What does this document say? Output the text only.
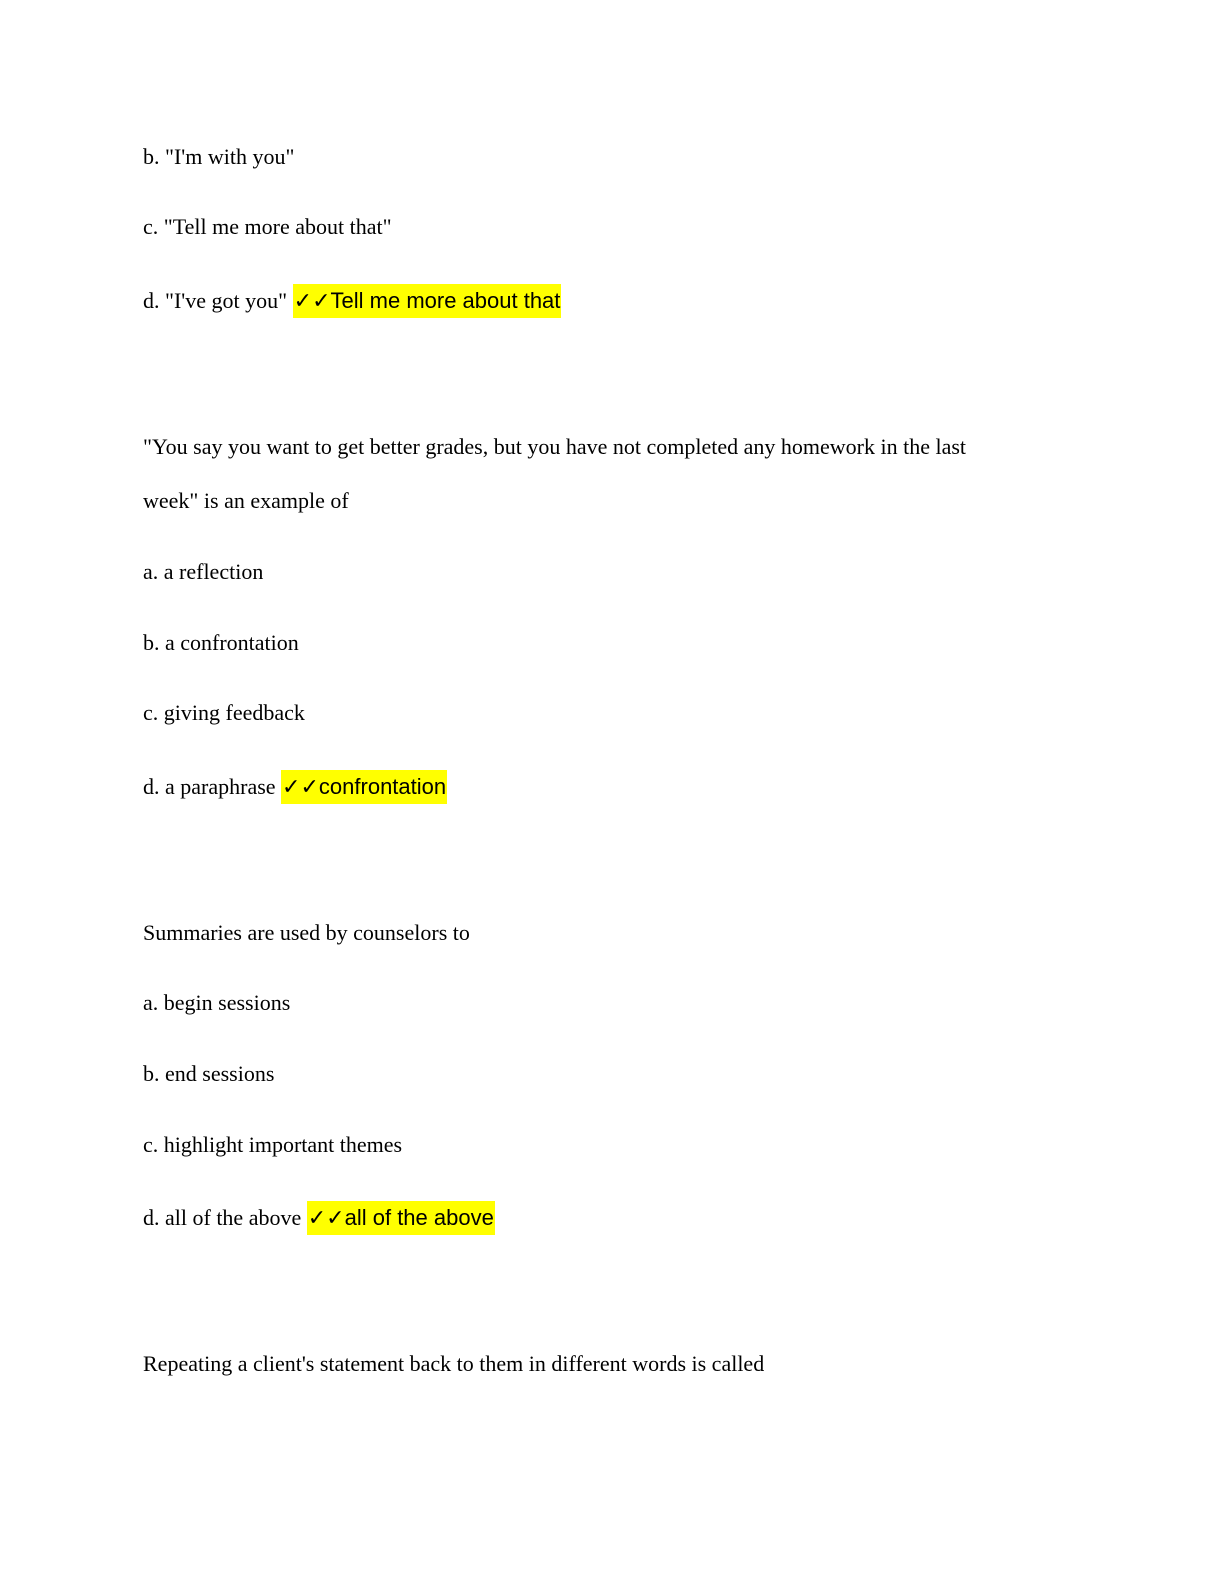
b. "I'm with you"
c. "Tell me more about that"
d. "I've got you" ✓✓Tell me more about that
"You say you want to get better grades, but you have not completed any homework in the last
week" is an example of
a. a reflection
b. a confrontation
c. giving feedback
d. a paraphrase ✓✓confrontation
Summaries are used by counselors to
a. begin sessions
b. end sessions
c. highlight important themes
d. all of the above ✓✓all of the above
Repeating a client's statement back to them in different words is called
